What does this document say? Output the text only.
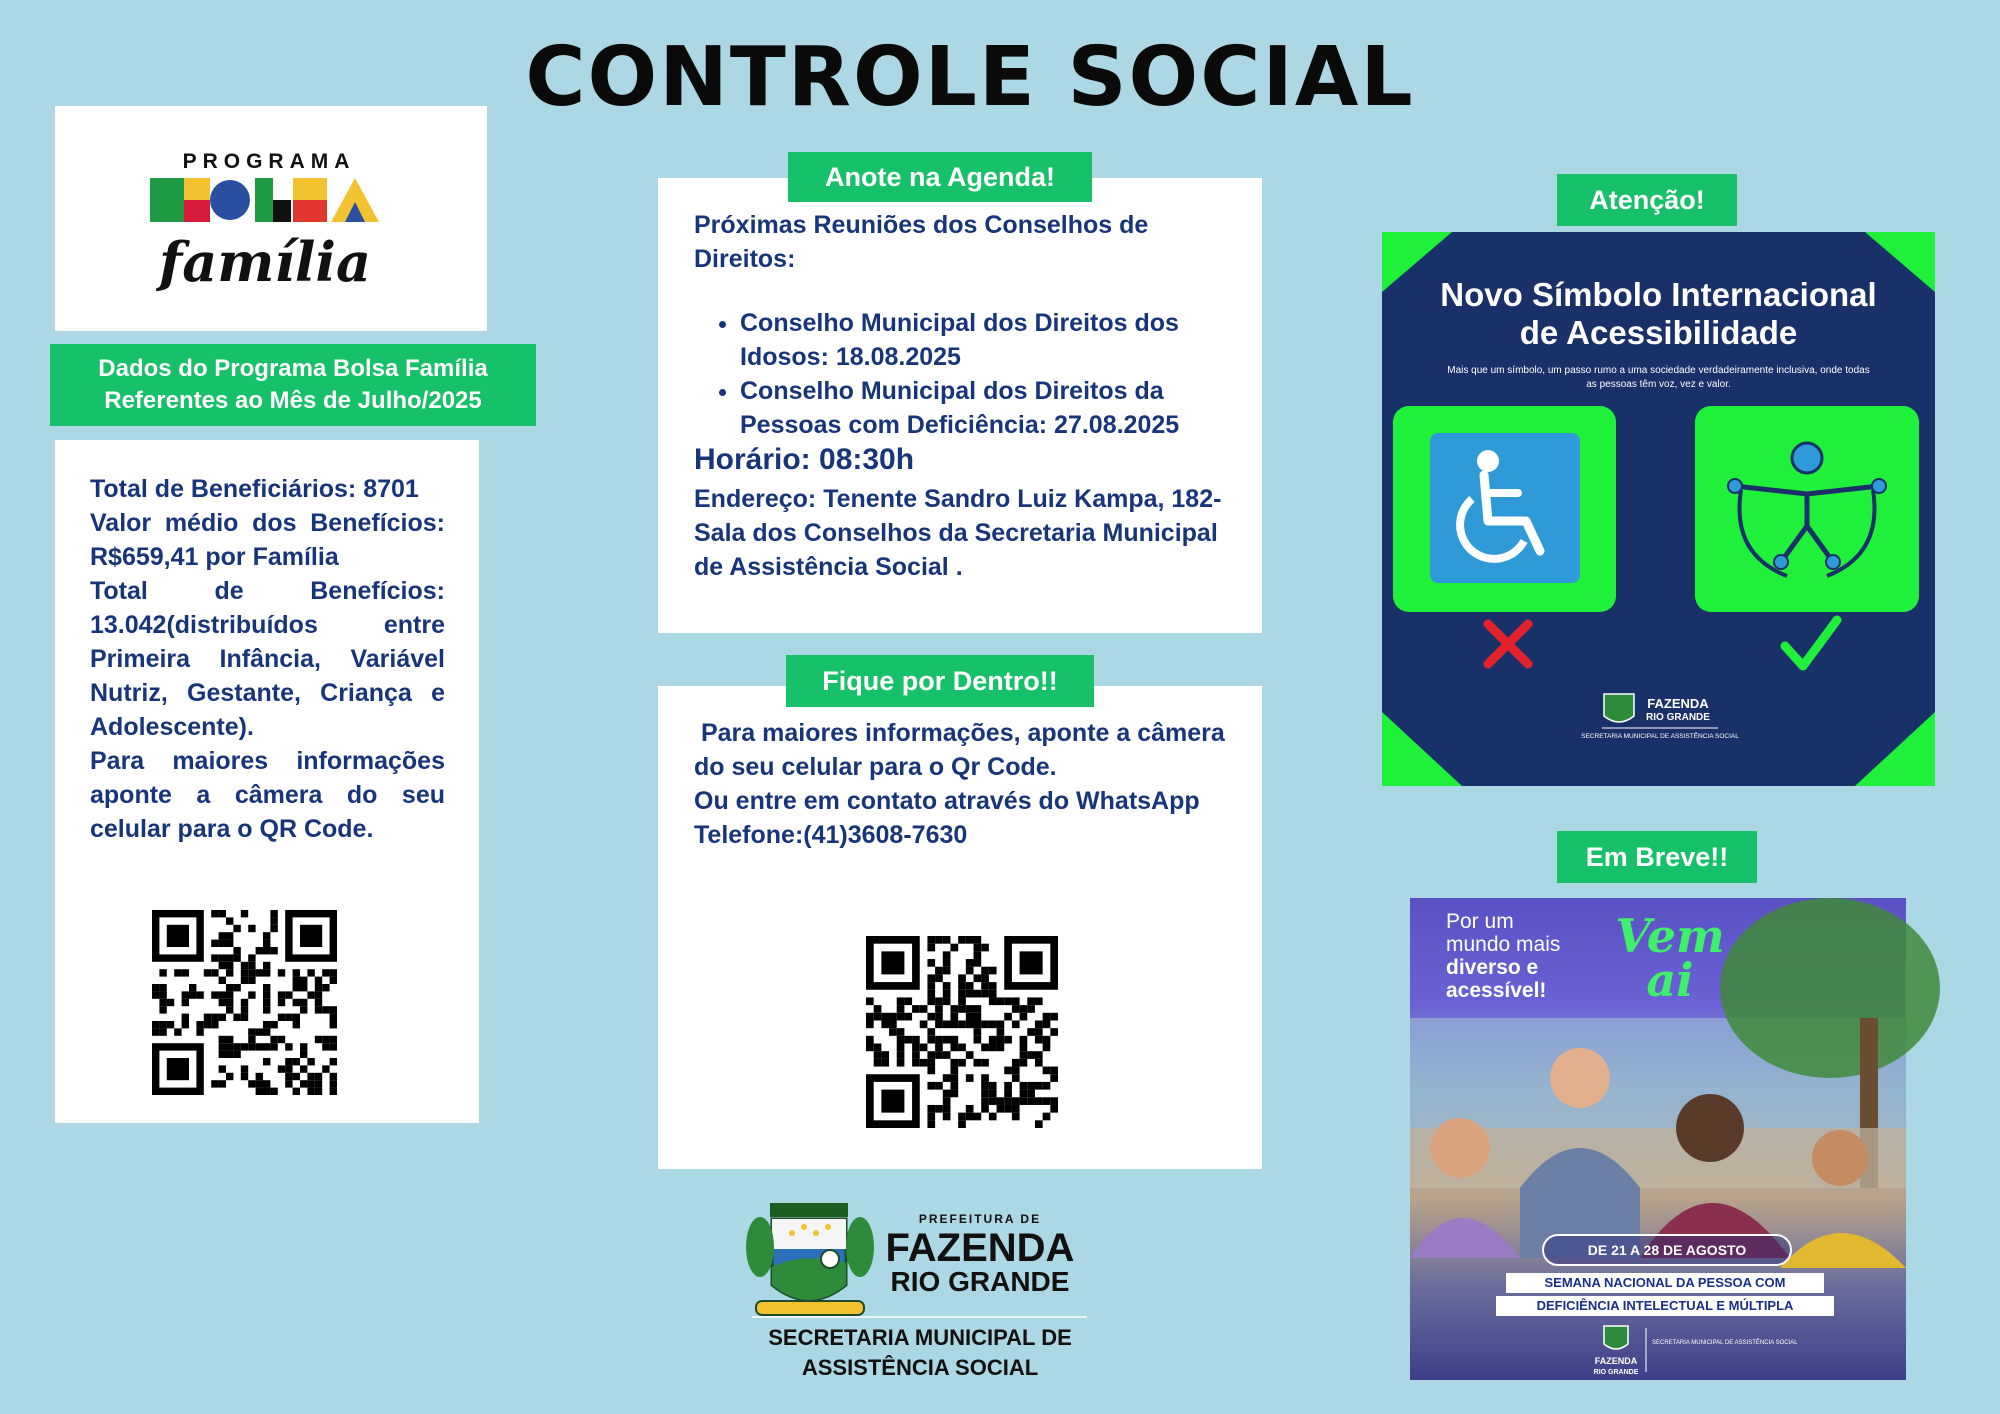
CONTROLE SOCIAL
PROGRAMA
família
Dados do Programa Bolsa Família
Referentes ao Mês de Julho/2025

Total de Beneficiários: 8701

Valor médio dos Benefícios: R$659,41 por Família

Total de Benefícios: 13.042(distribuídos entre Primeira Infância, Variável Nutriz, Gestante, Criança e Adolescente).

Para maiores informações aponte a câmera do seu celular para o QR Code.

Próximas Reuniões dos Conselhos de Direitos:
• Conselho Municipal dos Direitos dos Idosos: 18.08.2025
• Conselho Municipal dos Direitos da Pessoas com Deficiência: 27.08.2025
Horário: 08:30h
Endereço: Tenente Sandro Luiz Kampa, 182- Sala dos Conselhos da Secretaria Municipal de Assistência Social .
Anote na Agenda!
Para maiores informações, aponte a câmera do seu celular para o Qr Code.
Ou entre em contato através do WhatsApp
Telefone:(41)3608-7630
Fique por Dentro!!
PREFEITURA DE
FAZENDA
RIO GRANDE
SECRETARIA MUNICIPAL DE
ASSISTÊNCIA SOCIAL
Atenção!
Novo Símbolo Internacional
de Acessibilidade
Mais que um símbolo, um passo rumo a uma sociedade verdadeiramente inclusiva, onde todas as pessoas têm voz, vez e valor.
FAZENDA
RIO GRANDE
SECRETARIA MUNICIPAL DE ASSISTÊNCIA SOCIAL
Em Breve!!
Por um
mundo mais
diverso e
acessível!
Vem ai
DE 21 A 28 DE AGOSTO
SEMANA NACIONAL DA PESSOA COM
DEFICIÊNCIA INTELECTUAL E MÚLTIPLA
FAZENDA
RIO GRANDE
SECRETARIA MUNICIPAL DE ASSISTÊNCIA SOCIAL
